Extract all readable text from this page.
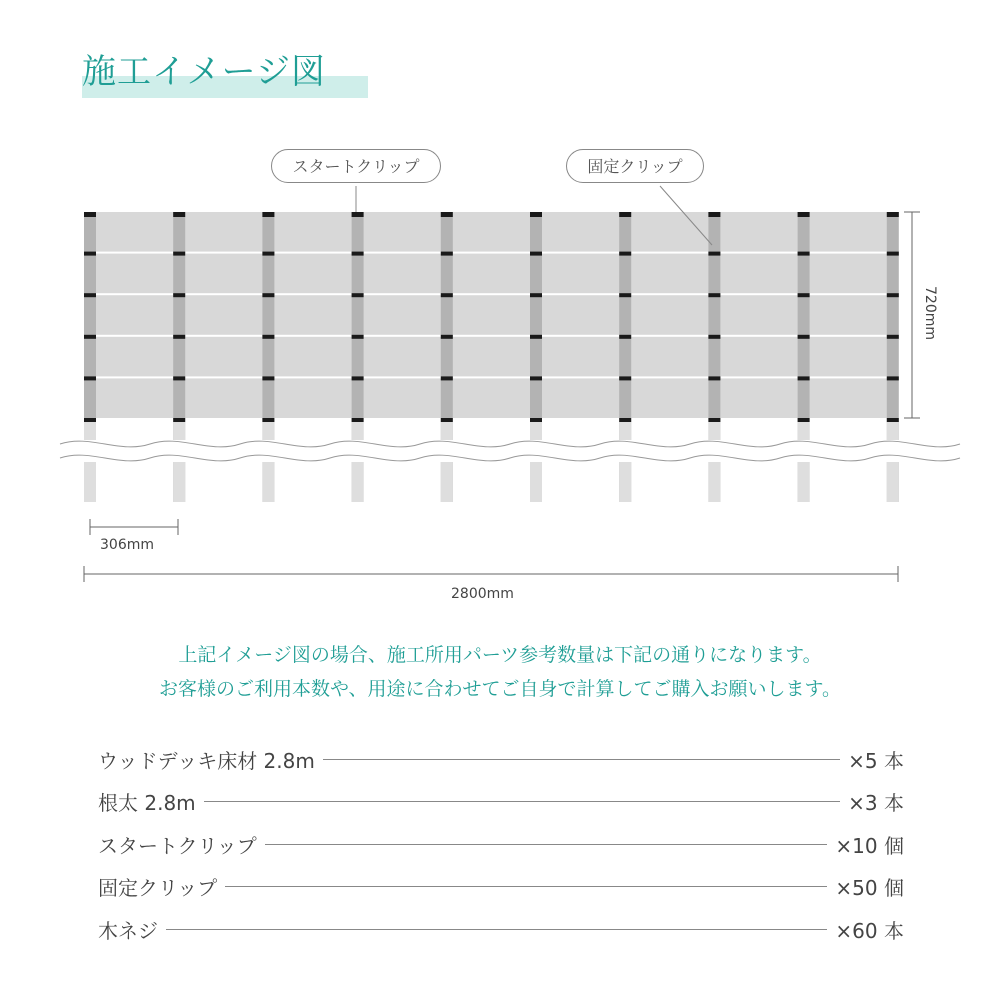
施工イメージ図
スタートクリップ	固定クリップ
720mm
306mm
2800mm
上記イメージ図の場合、施工所用パーツ参考数量は下記の通りになります。
お客様のご利用本数や、用途に合わせてご自身で計算してご購入お願いします。
ウッドデッキ床材 2.8m	×5 本
根太 2.8m	×3 本
スタートクリップ	×10 個
固定クリップ	×50 個
木ネジ	×60 本
